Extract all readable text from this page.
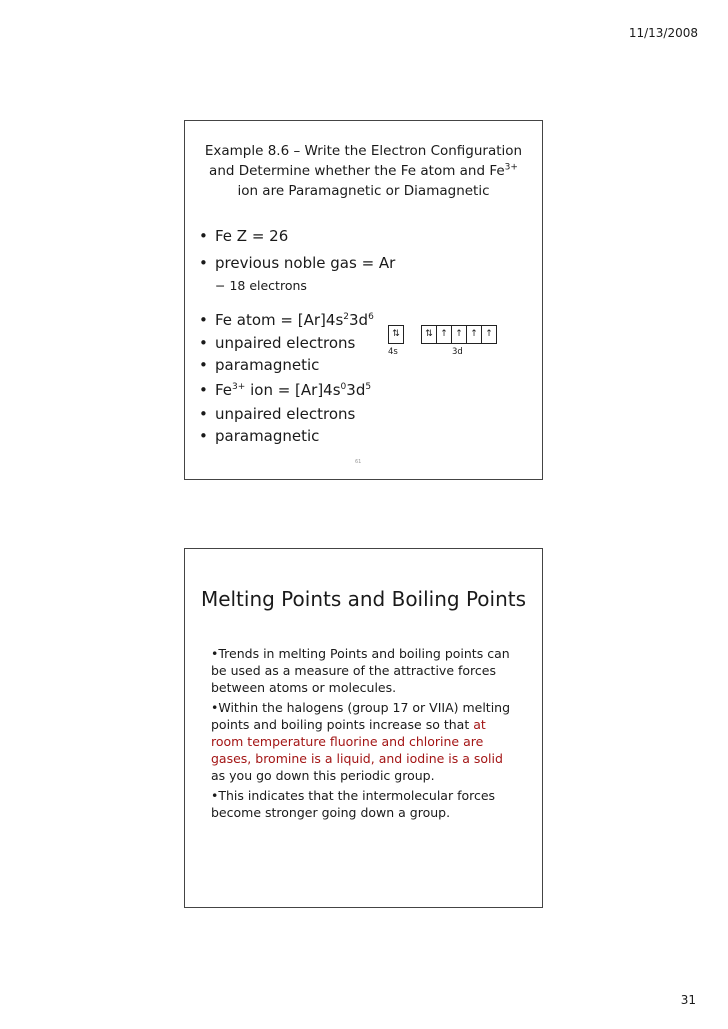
11/13/2008
Example 8.6 – Write the Electron Configuration
and Determine whether the Fe atom and $Fe^{3+}$
ion are Paramagnetic or Diamagnetic
• Fe Z = 26
• previous noble gas = Ar
− 18 electrons
• Fe atom = $[Ar]4s^23d^6$
• unpaired electrons
• paramagnetic
• $Fe^{3+}$ ion = $[Ar]4s^03d^5$
• unpaired electrons
• paramagnetic
⇅
4s
⇅ ↑ ↑ ↑ ↑
3d
61
Melting Points and Boiling Points

•Trends in melting Points and boiling points can be used as a measure of the attractive forces between atoms or molecules.

•Within the halogens (group 17 or VIIA) melting points and boiling points increase so that at room temperature fluorine and chlorine are gases, bromine is a liquid, and iodine is a solid as you go down this periodic group.

•This indicates that the intermolecular forces become stronger going down a group.

31
